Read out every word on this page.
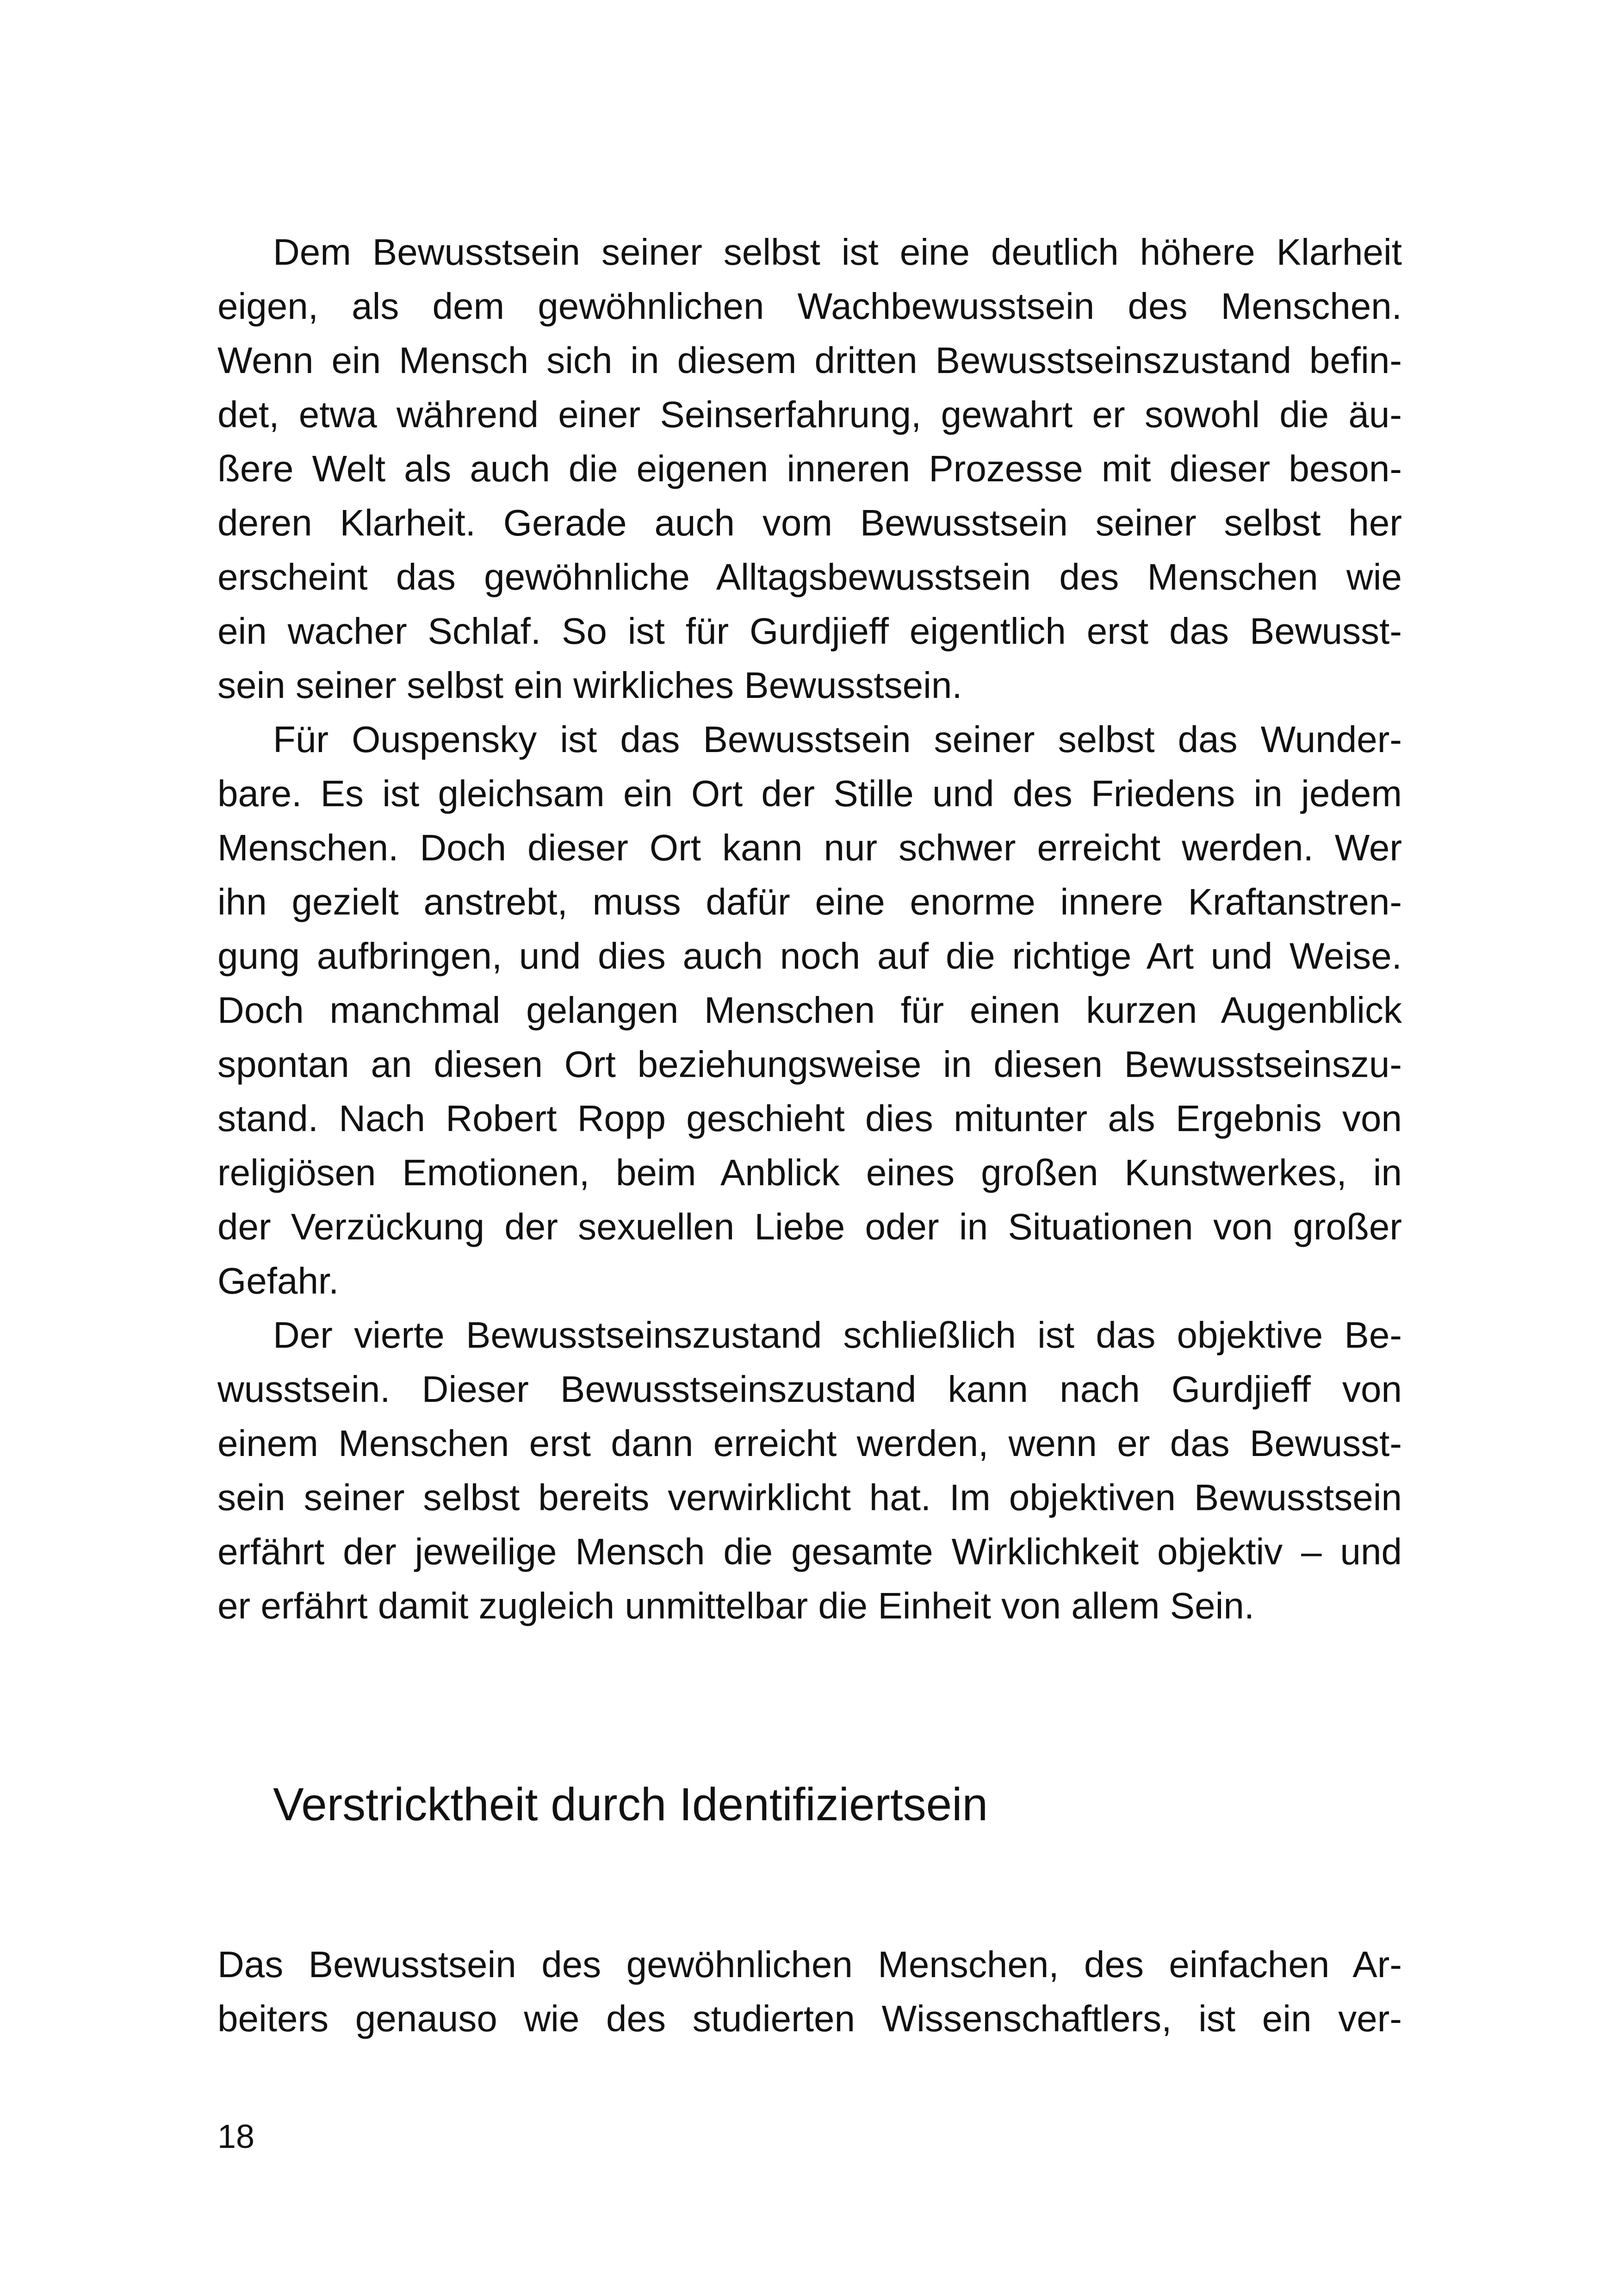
Dem Bewusstsein seiner selbst ist eine deutlich höhere Klarheit
eigen, als dem gewöhnlichen Wachbewusstsein des Menschen.
Wenn ein Mensch sich in diesem dritten Bewusstseinszustand befin-
det, etwa während einer Seinserfahrung, gewahrt er sowohl die äu-
ßere Welt als auch die eigenen inneren Prozesse mit dieser beson-
deren Klarheit. Gerade auch vom Bewusstsein seiner selbst her
erscheint das gewöhnliche Alltagsbewusstsein des Menschen wie
ein wacher Schlaf. So ist für Gurdjieff eigentlich erst das Bewusst-
sein seiner selbst ein wirkliches Bewusstsein.
Für Ouspensky ist das Bewusstsein seiner selbst das Wunder-
bare. Es ist gleichsam ein Ort der Stille und des Friedens in jedem
Menschen. Doch dieser Ort kann nur schwer erreicht werden. Wer
ihn gezielt anstrebt, muss dafür eine enorme innere Kraftanstren-
gung aufbringen, und dies auch noch auf die richtige Art und Weise.
Doch manchmal gelangen Menschen für einen kurzen Augenblick
spontan an diesen Ort beziehungsweise in diesen Bewusstseinszu-
stand. Nach Robert Ropp geschieht dies mitunter als Ergebnis von
religiösen Emotionen, beim Anblick eines großen Kunstwerkes, in
der Verzückung der sexuellen Liebe oder in Situationen von großer
Gefahr.
Der vierte Bewusstseinszustand schließlich ist das objektive Be-
wusstsein. Dieser Bewusstseinszustand kann nach Gurdjieff von
einem Menschen erst dann erreicht werden, wenn er das Bewusst-
sein seiner selbst bereits verwirklicht hat. Im objektiven Bewusstsein
erfährt der jeweilige Mensch die gesamte Wirklichkeit objektiv – und
er erfährt damit zugleich unmittelbar die Einheit von allem Sein.
Verstricktheit durch Identifiziertsein
Das Bewusstsein des gewöhnlichen Menschen, des einfachen Ar-
beiters genauso wie des studierten Wissenschaftlers, ist ein ver-
18
